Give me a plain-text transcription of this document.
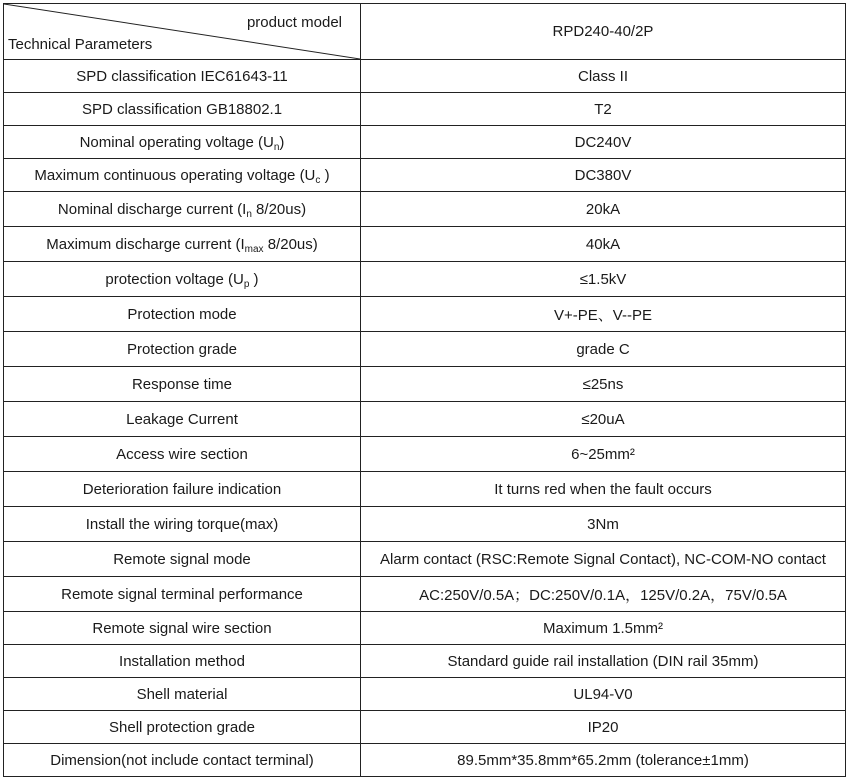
product model
Technical Parameters	RPD240-40/2P
SPD classification IEC61643-11	Class II
SPD classification GB18802.1	T2
Nominal operating voltage $(U_n)$	DC240V
Maximum continuous operating voltage ($U_c$ )	DC380V
Nominal discharge current ($I_n$ 8/20us)	20kA
Maximum discharge current ($I_{max}$ 8/20us)	40kA
protection voltage ($U_p$ )	≤1.5kV
Protection mode	V+-PE、V--PE
Protection grade	grade C
Response time	≤25ns
Leakage Current	≤20uA
Access wire section	6~25mm²
Deterioration failure indication	It turns red when the fault occurs
Install the wiring torque(max)	3Nm
Remote signal mode	Alarm contact (RSC:Remote Signal Contact), NC-COM-NO contact
Remote signal terminal performance	AC:250V/0.5A；DC:250V/0.1A，125V/0.2A，75V/0.5A
Remote signal wire section	Maximum 1.5mm²
Installation method	Standard guide rail installation (DIN rail 35mm)
Shell material	UL94-V0
Shell protection grade	IP20
Dimension(not include contact terminal)	89.5mm*35.8mm*65.2mm (tolerance±1mm)
